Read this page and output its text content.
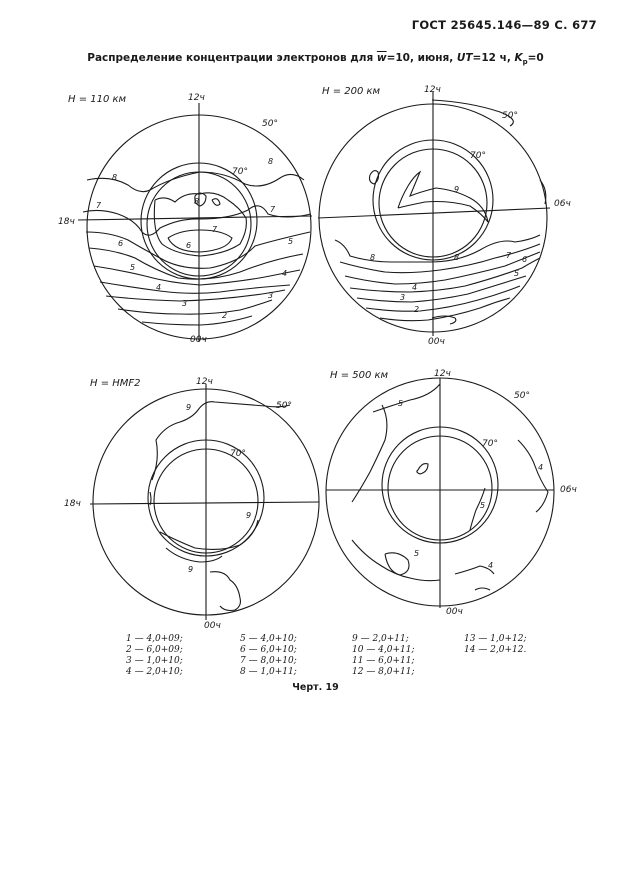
ГОСТ 25645.146—89 С. 677
Распределение концентрации электронов для $\overline{w}=10$, июня, UT=12 ч, $K_p=0$
H = 110 км	12ч
00ч
18ч
50°
70°
8
8
7
7
7
6	6
5
5
4
4
3
3
2
8
H = 200 км	12ч
00ч
06ч
50°
70°
9
8	8	7 6
5
4
3
2
H = HMF2	12ч
00ч
18ч
50°
70°
9
9
9
H = 500 км	12ч
00ч
06ч
50°
70°
5
4
5
5
4
1 — 4,0+09;
2 — 6,0+09;
3 — 1,0+10;
4 — 2,0+10;
5 — 4,0+10;
6 — 6,0+10;
7 — 8,0+10;
8 — 1,0+11;
9 — 2,0+11;
10 — 4,0+11;
11 — 6,0+11;
12 — 8,0+11;
13 — 1,0+12;
14 — 2,0+12.
Черт. 19
